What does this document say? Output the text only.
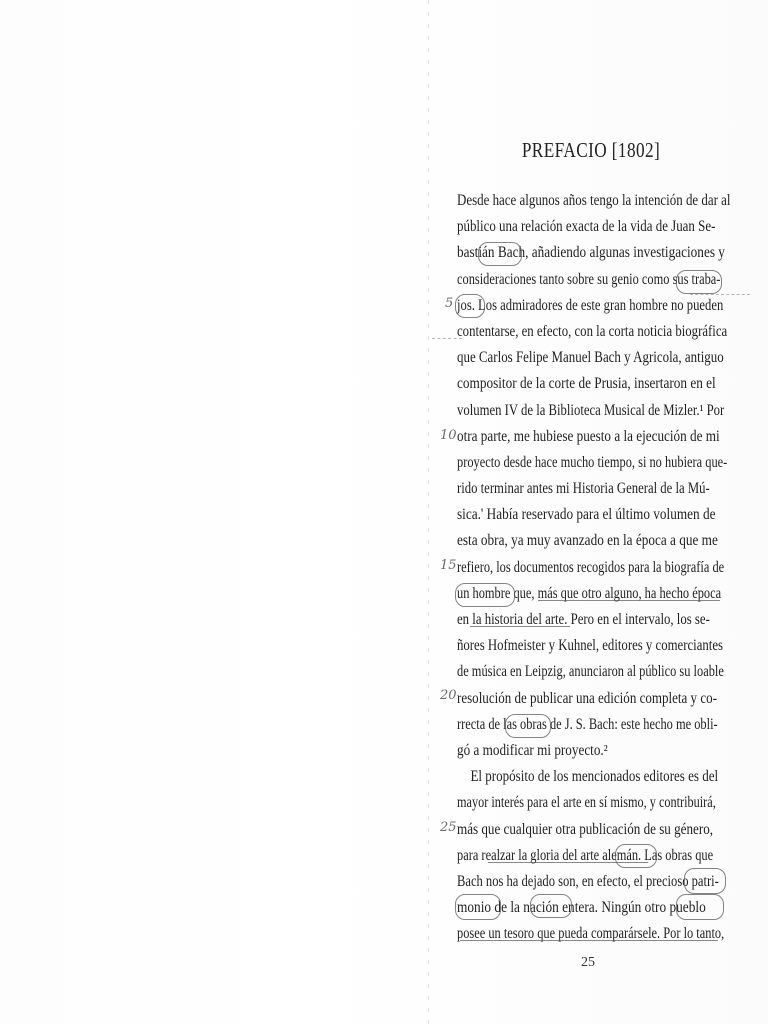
PREFACIO [1802]
Desde hace algunos años tengo la intención de dar al
público una relación exacta de la vida de Juan Se-
bastián Bach, añadiendo algunas investigaciones y
consideraciones tanto sobre su genio como sus traba-
jos. Los admiradores de este gran hombre no pueden
contentarse, en efecto, con la corta noticia biográfica
que Carlos Felipe Manuel Bach y Agricola, antiguo
compositor de la corte de Prusia, insertaron en el
volumen IV de la Biblioteca Musical de Mizler.¹ Por
otra parte, me hubiese puesto a la ejecución de mi
proyecto desde hace mucho tiempo, si no hubiera que-
rido terminar antes mi Historia General de la Mú-
sica.' Había reservado para el último volumen de
esta obra, ya muy avanzado en la época a que me
refiero, los documentos recogidos para la biografía de
un hombre que, más que otro alguno, ha hecho época
en la historia del arte. Pero en el intervalo, los se-
ñores Hofmeister y Kuhnel, editores y comerciantes
de música en Leipzig, anunciaron al público su loable
resolución de publicar una edición completa y co-
rrecta de las obras de J. S. Bach: este hecho me obli-
gó a modificar mi proyecto.²
El propósito de los mencionados editores es del
mayor interés para el arte en sí mismo, y contribuirá,
más que cualquier otra publicación de su género,
para realzar la gloria del arte alemán. Las obras que
Bach nos ha dejado son, en efecto, el precioso patri-
monio de la nación entera. Ningún otro pueblo
posee un tesoro que pueda comparársele. Por lo tanto,
5
10
15
20
25
25
